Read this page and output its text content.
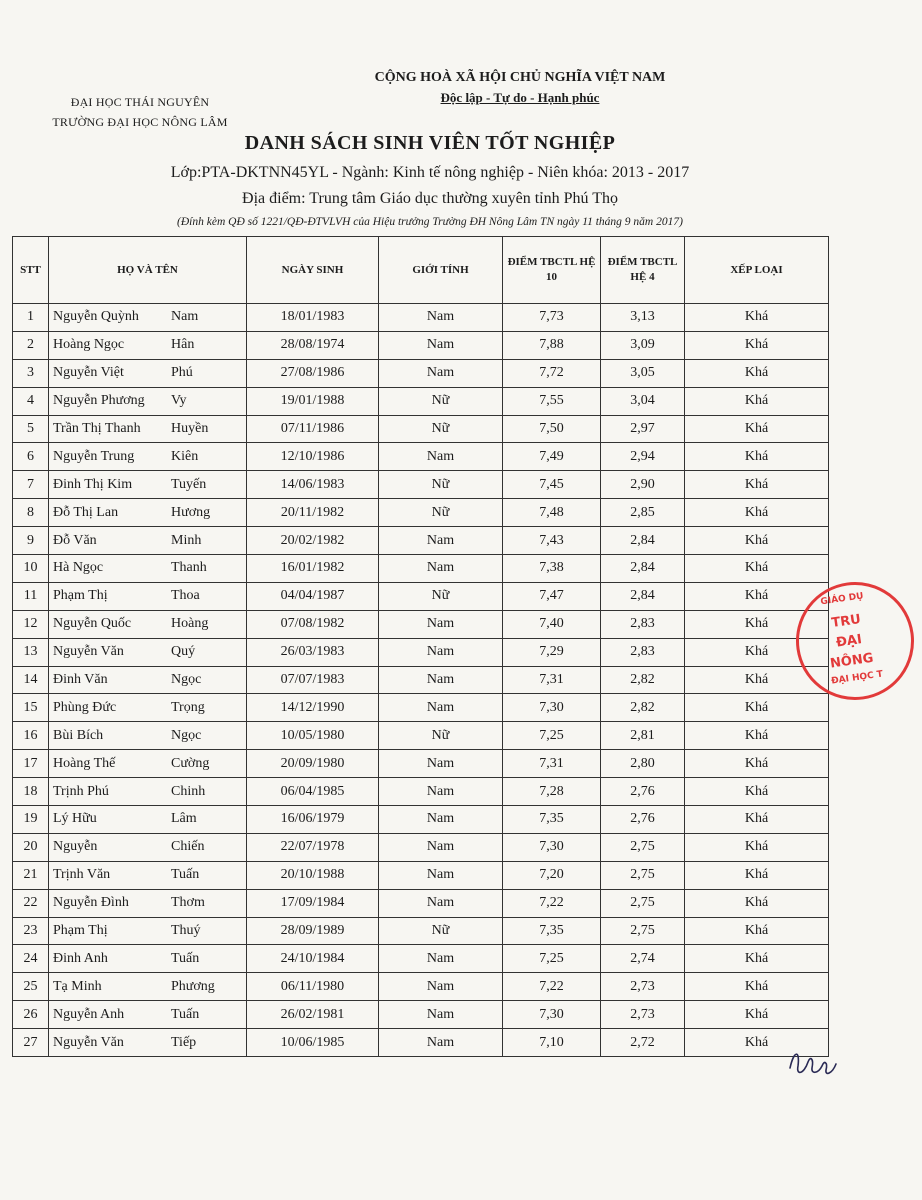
ĐẠI HỌC THÁI NGUYÊN
TRƯỜNG ĐẠI HỌC NÔNG LÂM
CỘNG HOÀ XÃ HỘI CHỦ NGHĨA VIỆT NAM
Độc lập - Tự do - Hạnh phúc
DANH SÁCH SINH VIÊN TỐT NGHIỆP
Lớp:PTA-DKTNN45YL - Ngành: Kinh tế nông nghiệp - Niên khóa: 2013 - 2017
Địa điểm: Trung tâm Giáo dục thường xuyên tỉnh Phú Thọ
(Đính kèm QĐ số 1221/QĐ-ĐTVLVH của Hiệu trưởng Trường ĐH Nông Lâm TN ngày 11 tháng 9 năm 2017)
STT	HỌ VÀ TÊN	NGÀY SINH	GIỚI TÍNH	ĐIỂM TBCTL HỆ 10	ĐIỂM TBCTL HỆ 4	XẾP LOẠI
1	Nguyễn Quỳnh Nam	18/01/1983	Nam	7,73	3,13	Khá
2	Hoàng Ngọc Hân	28/08/1974	Nam	7,88	3,09	Khá
3	Nguyễn Việt Phú	27/08/1986	Nam	7,72	3,05	Khá
4	Nguyễn Phương Vy	19/01/1988	Nữ	7,55	3,04	Khá
5	Trần Thị Thanh Huyền	07/11/1986	Nữ	7,50	2,97	Khá
6	Nguyễn Trung Kiên	12/10/1986	Nam	7,49	2,94	Khá
7	Đinh Thị Kim Tuyến	14/06/1983	Nữ	7,45	2,90	Khá
8	Đỗ Thị Lan Hương	20/11/1982	Nữ	7,48	2,85	Khá
9	Đỗ Văn Minh	20/02/1982	Nam	7,43	2,84	Khá
10	Hà Ngọc Thanh	16/01/1982	Nam	7,38	2,84	Khá
11	Phạm Thị Thoa	04/04/1987	Nữ	7,47	2,84	Khá
12	Nguyễn Quốc Hoàng	07/08/1982	Nam	7,40	2,83	Khá
13	Nguyễn Văn Quý	26/03/1983	Nam	7,29	2,83	Khá
14	Đinh Văn Ngọc	07/07/1983	Nam	7,31	2,82	Khá
15	Phùng Đức Trọng	14/12/1990	Nam	7,30	2,82	Khá
16	Bùi Bích Ngọc	10/05/1980	Nữ	7,25	2,81	Khá
17	Hoàng Thế Cường	20/09/1980	Nam	7,31	2,80	Khá
18	Trịnh Phú Chinh	06/04/1985	Nam	7,28	2,76	Khá
19	Lý Hữu Lâm	16/06/1979	Nam	7,35	2,76	Khá
20	Nguyễn Chiến	22/07/1978	Nam	7,30	2,75	Khá
21	Trịnh Văn Tuấn	20/10/1988	Nam	7,20	2,75	Khá
22	Nguyễn Đình Thơm	17/09/1984	Nam	7,22	2,75	Khá
23	Phạm Thị Thuý	28/09/1989	Nữ	7,35	2,75	Khá
24	Đinh Anh Tuấn	24/10/1984	Nam	7,25	2,74	Khá
25	Tạ Minh Phương	06/11/1980	Nam	7,22	2,73	Khá
26	Nguyễn Anh Tuấn	26/02/1981	Nam	7,30	2,73	Khá
27	Nguyễn Văn Tiếp	10/06/1985	Nam	7,10	2,72	Khá
GIÁO DỤ
TRU
ĐẠI
NÔNG
ĐẠI HỌC T
